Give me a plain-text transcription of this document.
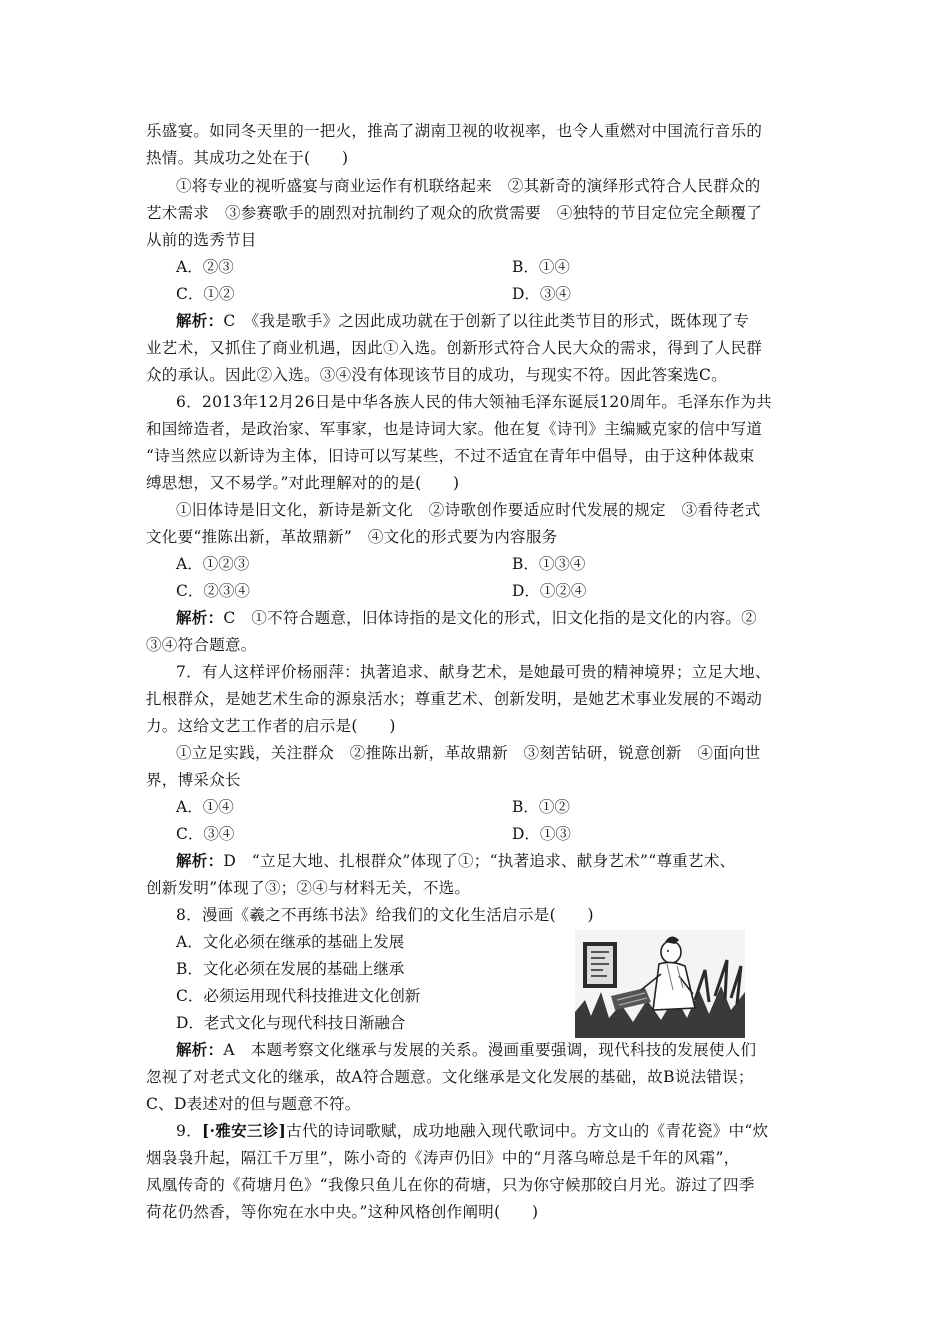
乐盛宴。如同冬天里的一把火，推高了湖南卫视的收视率，也令人重燃对中国流行音乐的
热情。其成功之处在于(　　)
①将专业的视听盛宴与商业运作有机联络起来　②其新奇的演绎形式符合人民群众的
艺术需求　③参赛歌手的剧烈对抗制约了观众的欣赏需要　④独特的节目定位完全颠覆了
从前的选秀节目
A．②③	B．①④
C．①②	D．③④
解析：C　《我是歌手》之因此成功就在于创新了以往此类节目的形式，既体现了专
业艺术，又抓住了商业机遇，因此①入选。创新形式符合人民大众的需求，得到了人民群
众的承认。因此②入选。③④没有体现该节目的成功，与现实不符。因此答案选C。
6．2013年12月26日是中华各族人民的伟大领袖毛泽东诞辰120周年。毛泽东作为共
和国缔造者，是政治家、军事家，也是诗词大家。他在复《诗刊》主编臧克家的信中写道
“诗当然应以新诗为主体，旧诗可以写某些，不过不适宜在青年中倡导，由于这种体裁束
缚思想，又不易学。”对此理解对的的是(　　)
①旧体诗是旧文化，新诗是新文化　②诗歌创作要适应时代发展的规定　③看待老式
文化要“推陈出新，革故鼎新”　④文化的形式要为内容服务
A．①②③	B．①③④
C．②③④	D．①②④
解析：C　①不符合题意，旧体诗指的是文化的形式，旧文化指的是文化的内容。②
③④符合题意。
7．有人这样评价杨丽萍：执著追求、献身艺术，是她最可贵的精神境界；立足大地、
扎根群众，是她艺术生命的源泉活水；尊重艺术、创新发明，是她艺术事业发展的不竭动
力。这给文艺工作者的启示是(　　)
①立足实践，关注群众　②推陈出新，革故鼎新　③刻苦钻研，锐意创新　④面向世
界，博采众长
A．①④	B．①②
C．③④	D．①③
解析：D　“立足大地、扎根群众”体现了①；“执著追求、献身艺术”“尊重艺术、
创新发明”体现了③；②④与材料无关，不选。
8．漫画《羲之不再练书法》给我们的文化生活启示是(　　)
A．文化必须在继承的基础上发展
B．文化必须在发展的基础上继承
C．必须运用现代科技推进文化创新
D．老式文化与现代科技日渐融合
解析：A　本题考察文化继承与发展的关系。漫画重要强调，现代科技的发展使人们
忽视了对老式文化的继承，故A符合题意。文化继承是文化发展的基础，故B说法错误；
C、D表述对的但与题意不符。
9．[·雅安三诊]古代的诗词歌赋，成功地融入现代歌词中。方文山的《青花瓷》中“炊
烟袅袅升起，隔江千万里”，陈小奇的《涛声仍旧》中的“月落乌啼总是千年的风霜”，
凤凰传奇的《荷塘月色》“我像只鱼儿在你的荷塘，只为你守候那皎白月光。游过了四季
荷花仍然香，等你宛在水中央。”这种风格创作阐明(　　)
